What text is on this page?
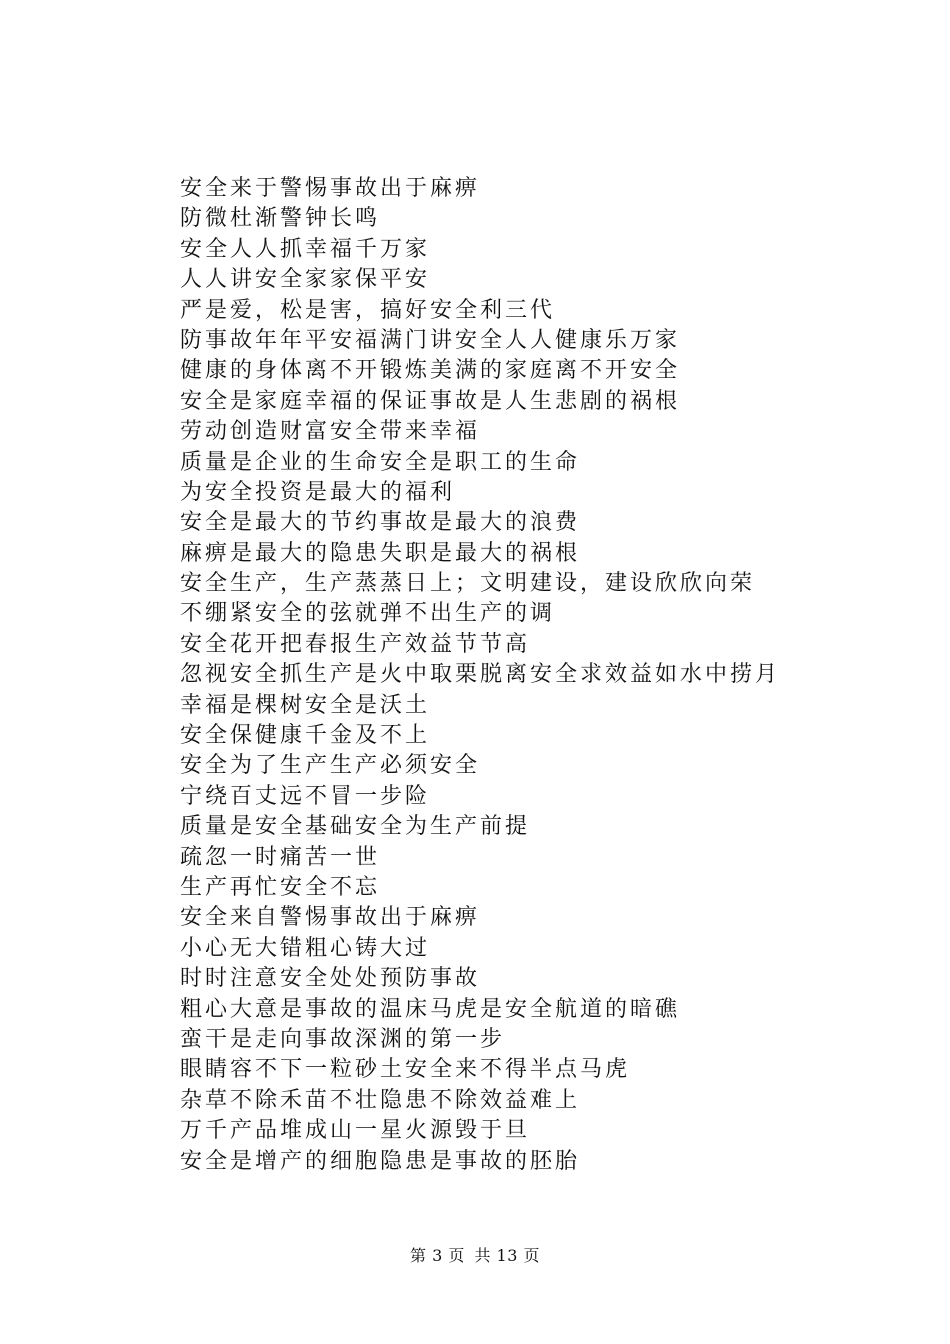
安全来于警惕事故出于麻痹
防微杜渐警钟长鸣
安全人人抓幸福千万家
人人讲安全家家保平安
严是爱，松是害，搞好安全利三代
防事故年年平安福满门讲安全人人健康乐万家
健康的身体离不开锻炼美满的家庭离不开安全
安全是家庭幸福的保证事故是人生悲剧的祸根
劳动创造财富安全带来幸福
质量是企业的生命安全是职工的生命
为安全投资是最大的福利
安全是最大的节约事故是最大的浪费
麻痹是最大的隐患失职是最大的祸根
安全生产，生产蒸蒸日上；文明建设，建设欣欣向荣
不绷紧安全的弦就弹不出生产的调
安全花开把春报生产效益节节高
忽视安全抓生产是火中取栗脱离安全求效益如水中捞月
幸福是棵树安全是沃土
安全保健康千金及不上
安全为了生产生产必须安全
宁绕百丈远不冒一步险
质量是安全基础安全为生产前提
疏忽一时痛苦一世
生产再忙安全不忘
安全来自警惕事故出于麻痹
小心无大错粗心铸大过
时时注意安全处处预防事故
粗心大意是事故的温床马虎是安全航道的暗礁
蛮干是走向事故深渊的第一步
眼睛容不下一粒砂土安全来不得半点马虎
杂草不除禾苗不壮隐患不除效益难上
万千产品堆成山一星火源毁于旦
安全是增产的细胞隐患是事故的胚胎
第 3 页 共 13 页
